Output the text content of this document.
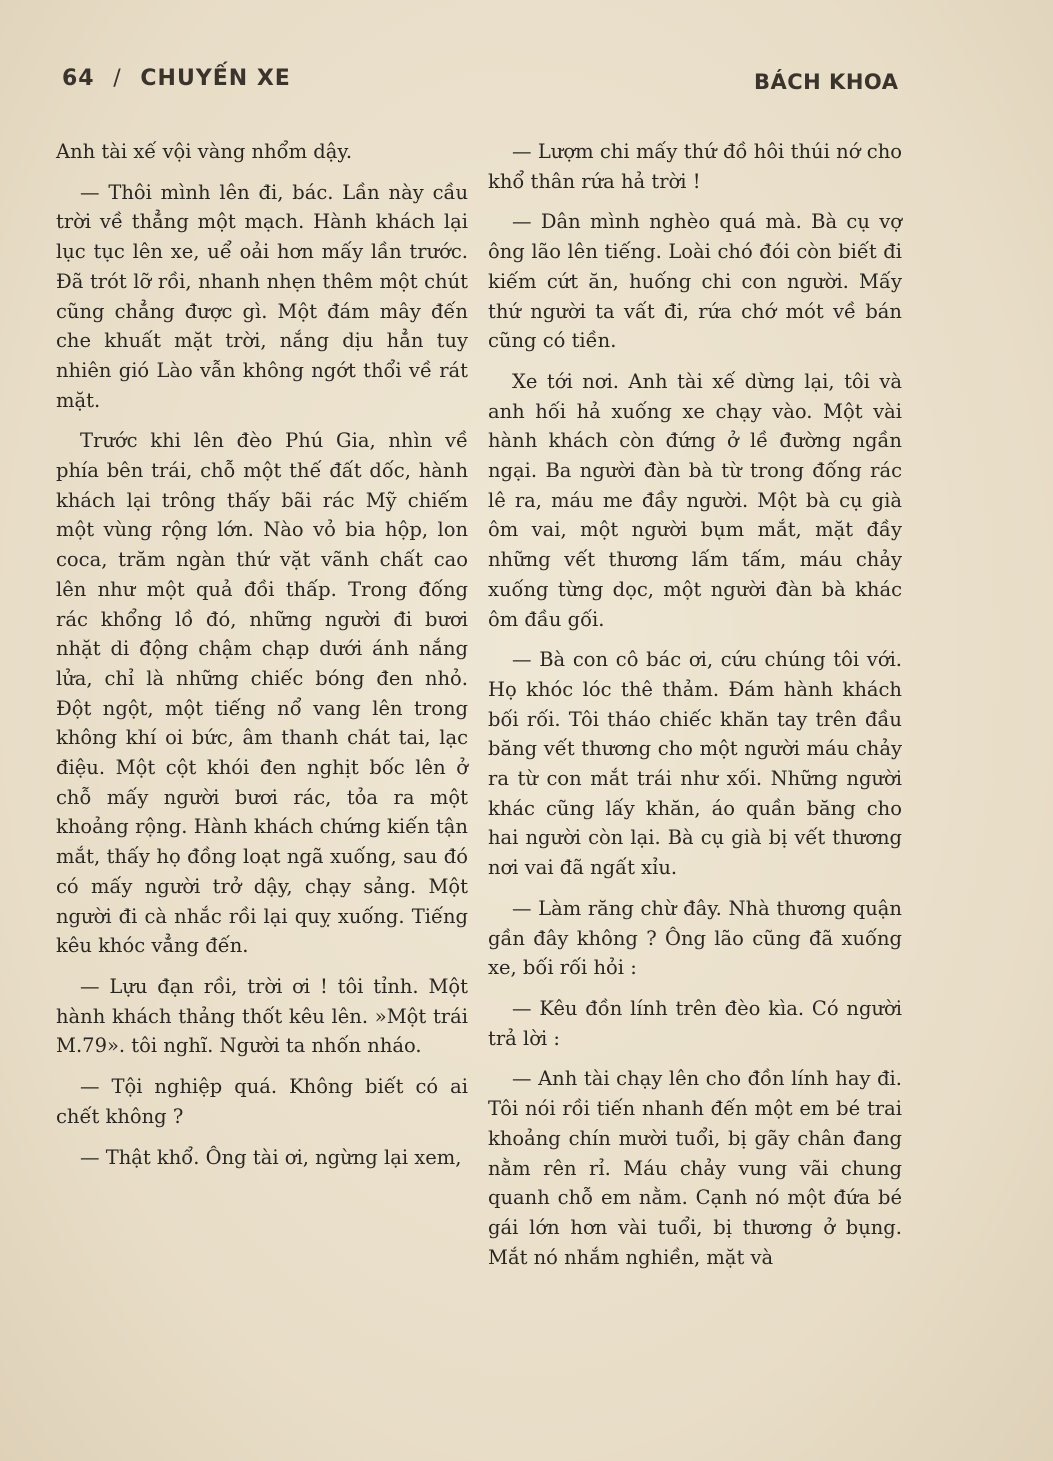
64 / CHUYẾN XE	BÁCH KHOA

Anh tài xế vội vàng nhổm dậy.

— Thôi mình lên đi, bác. Lần này cầu trời về thẳng một mạch. Hành khách lại lục tục lên xe, uể oải hơn mấy lần trước. Đã trót lỡ rồi, nhanh nhẹn thêm một chút cũng chẳng được gì. Một đám mây đến che khuất mặt trời, nắng dịu hẳn tuy nhiên gió Lào vẫn không ngớt thổi về rát mặt.

Trước khi lên đèo Phú Gia, nhìn về phía bên trái, chỗ một thế đất dốc, hành khách lại trông thấy bãi rác Mỹ chiếm một vùng rộng lớn. Nào vỏ bia hộp, lon coca, trăm ngàn thứ vặt vãnh chất cao lên như một quả đồi thấp. Trong đống rác khổng lồ đó, những người đi bươi nhặt di động chậm chạp dưới ánh nắng lửa, chỉ là những chiếc bóng đen nhỏ. Đột ngột, một tiếng nổ vang lên trong không khí oi bức, âm thanh chát tai, lạc điệu. Một cột khói đen nghịt bốc lên ở chỗ mấy người bươi rác, tỏa ra một khoảng rộng. Hành khách chứng kiến tận mắt, thấy họ đồng loạt ngã xuống, sau đó có mấy người trở dậy, chạy sảng. Một người đi cà nhắc rồi lại quỵ xuống. Tiếng kêu khóc vẳng đến.

— Lựu đạn rồi, trời ơi ! tôi tỉnh. Một hành khách thảng thốt kêu lên. »Một trái M.79». tôi nghĩ. Người ta nhốn nháo.

— Tội nghiệp quá. Không biết có ai chết không ?

— Thật khổ. Ông tài ơi, ngừng lại xem,

— Lượm chi mấy thứ đồ hôi thúi nớ cho khổ thân rứa hả trời !

— Dân mình nghèo quá mà. Bà cụ vợ ông lão lên tiếng. Loài chó đói còn biết đi kiếm cứt ăn, huống chi con người. Mấy thứ người ta vất đi, rứa chớ mót về bán cũng có tiền.

Xe tới nơi. Anh tài xế dừng lại, tôi và anh hối hả xuống xe chạy vào. Một vài hành khách còn đứng ở lề đường ngần ngại. Ba người đàn bà từ trong đống rác lê ra, máu me đầy người. Một bà cụ già ôm vai, một người bụm mắt, mặt đầy những vết thương lấm tấm, máu chảy xuống từng dọc, một người đàn bà khác ôm đầu gối.

— Bà con cô bác ơi, cứu chúng tôi với. Họ khóc lóc thê thảm. Đám hành khách bối rối. Tôi tháo chiếc khăn tay trên đầu băng vết thương cho một người máu chảy ra từ con mắt trái như xối. Những người khác cũng lấy khăn, áo quần băng cho hai người còn lại. Bà cụ già bị vết thương nơi vai đã ngất xỉu.

— Làm răng chừ đây. Nhà thương quận gần đây không ? Ông lão cũng đã xuống xe, bối rối hỏi :

— Kêu đồn lính trên đèo kìa. Có người trả lời :

— Anh tài chạy lên cho đồn lính hay đi. Tôi nói rồi tiến nhanh đến một em bé trai khoảng chín mười tuổi, bị gãy chân đang nằm rên rỉ. Máu chảy vung vãi chung quanh chỗ em nằm. Cạnh nó một đứa bé gái lớn hơn vài tuổi, bị thương ở bụng. Mắt nó nhắm nghiền, mặt và
